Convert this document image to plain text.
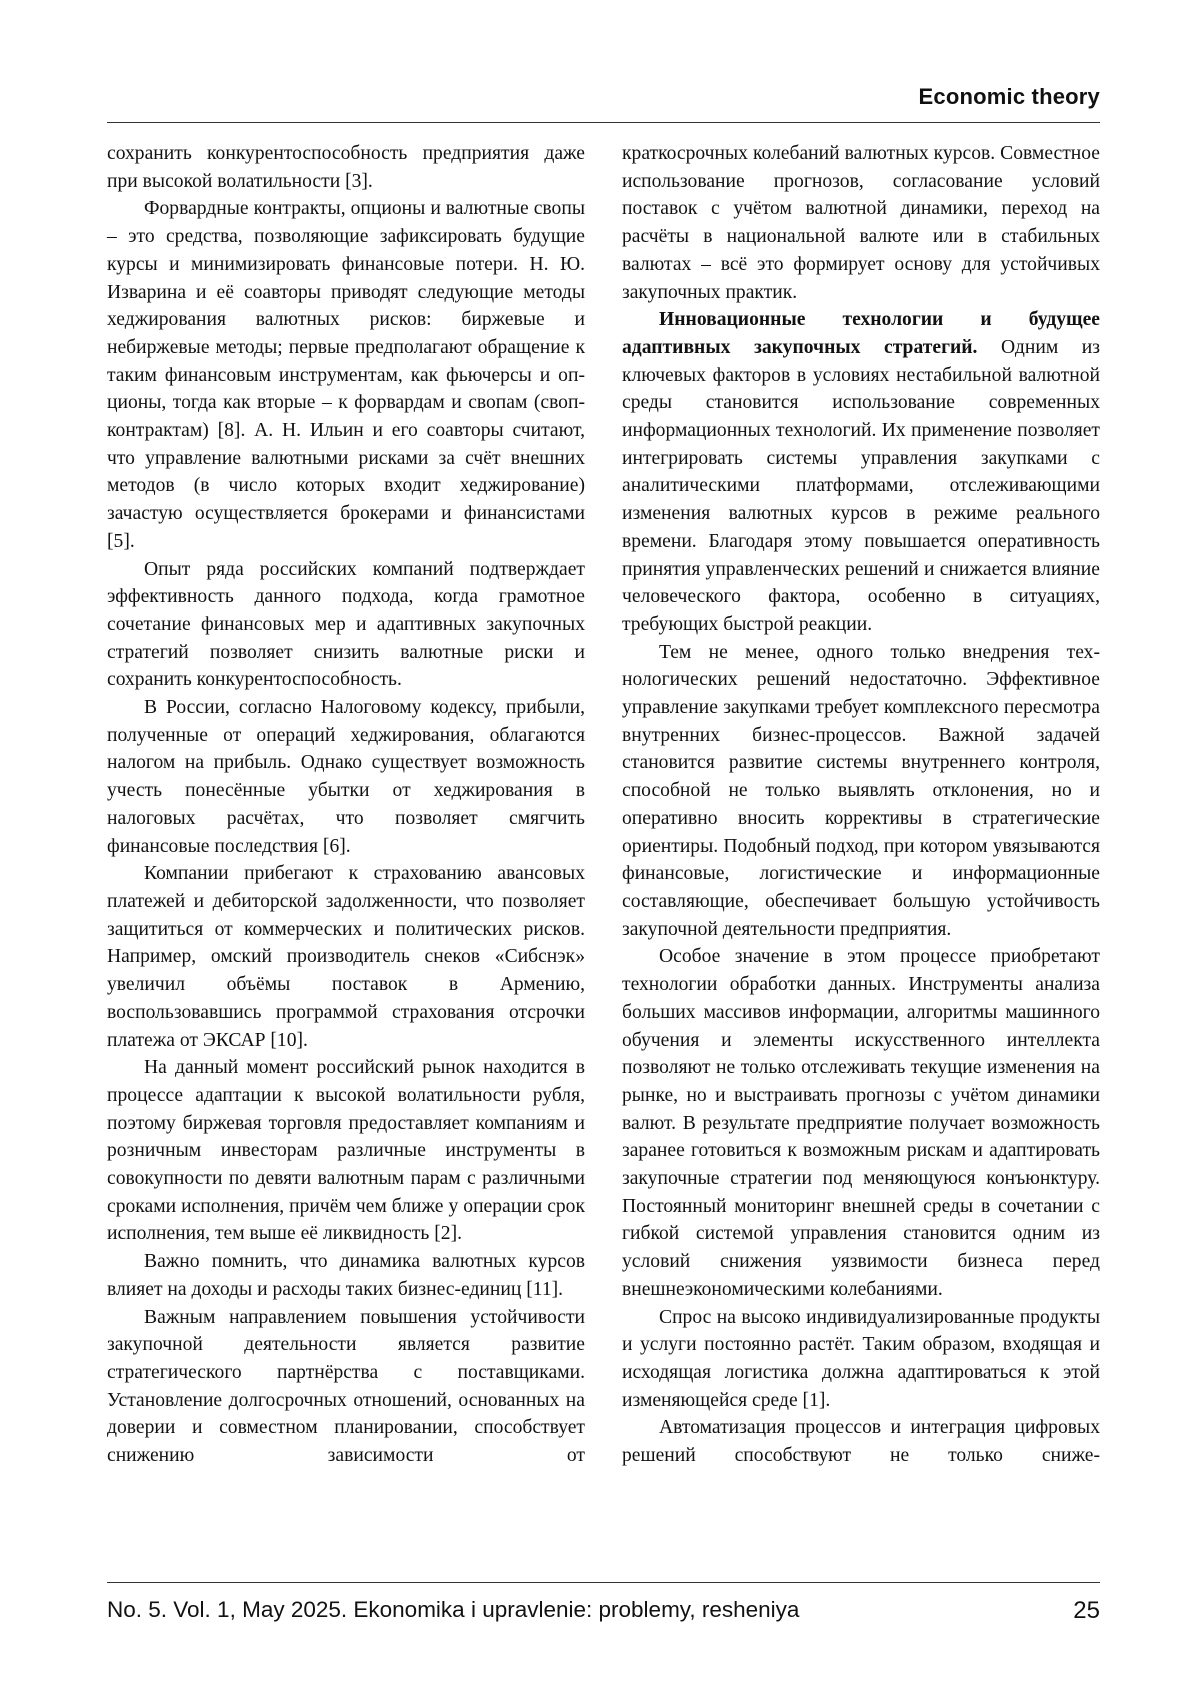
Economic theory

сохранить конкурентоспособность предприятия даже при высокой волатильности [3].

Форвардные контракты, опционы и валютные свопы – это средства, позволяющие зафиксировать будущие курсы и минимизировать финансовые потери. Н. Ю. Изварина и её соавторы приводят следующие методы хеджирования валютных рисков: биржевые и небиржевые методы; первые предполагают обращение к таким финансовым инструментам, как фьючерсы и опционы, тогда как вторые – к форвардам и свопам (своп-контрактам) [8]. А. Н. Ильин и его соавторы считают, что управление валютными рисками за счёт внешних методов (в число которых входит хеджирование) зачастую осуществляется брокерами и финансистами [5].

Опыт ряда российских компаний подтверждает эффективность данного подхода, когда грамотное сочетание финансовых мер и адаптивных закупочных стратегий позволяет снизить валютные риски и сохранить конкурентоспособность.

В России, согласно Налоговому кодексу, прибыли, полученные от операций хеджирования, облагаются налогом на прибыль. Однако существует возможность учесть понесённые убытки от хеджирования в налоговых расчётах, что позволяет смягчить финансовые последствия [6].

Компании прибегают к страхованию авансовых платежей и дебиторской задолженности, что позволяет защититься от коммерческих и политических рисков. Например, омский производитель снеков «Сибснэк» увеличил объёмы поставок в Армению, воспользовавшись программой страхования отсрочки платежа от ЭКСАР [10].

На данный момент российский рынок находится в процессе адаптации к высокой волатильности рубля, поэтому биржевая торговля предоставляет компаниям и розничным инвесторам различные инструменты в совокупности по девяти валютным парам с различными сроками исполнения, причём чем ближе у операции срок исполнения, тем выше её ликвидность [2].

Важно помнить, что динамика валютных курсов влияет на доходы и расходы таких бизнес-единиц [11].

Важным направлением повышения устойчивости закупочной деятельности является развитие стратегического партнёрства с поставщиками. Установление долгосрочных отношений, основанных на доверии и совместном планировании, способствует снижению зависимости от

краткосрочных колебаний валютных курсов. Совместное использование прогнозов, согласование условий поставок с учётом валютной динамики, переход на расчёты в национальной валюте или в стабильных валютах – всё это формирует основу для устойчивых закупочных практик.

Инновационные технологии и будущее адаптивных закупочных стратегий. Одним из ключевых факторов в условиях нестабильной валютной среды становится использование современных информационных технологий. Их применение позволяет интегрировать системы управления закупками с аналитическими платформами, отслеживающими изменения валютных курсов в режиме реального времени. Благодаря этому повышается оперативность принятия управленческих решений и снижается влияние человеческого фактора, особенно в ситуациях, требующих быстрой реакции.

Тем не менее, одного только внедрения технологических решений недостаточно. Эффективное управление закупками требует комплексного пересмотра внутренних бизнес-процессов. Важной задачей становится развитие системы внутреннего контроля, способной не только выявлять отклонения, но и оперативно вносить коррективы в стратегические ориентиры. Подобный подход, при котором увязываются финансовые, логистические и информационные составляющие, обеспечивает большую устойчивость закупочной деятельности предприятия.

Особое значение в этом процессе приобретают технологии обработки данных. Инструменты анализа больших массивов информации, алгоритмы машинного обучения и элементы искусственного интеллекта позволяют не только отслеживать текущие изменения на рынке, но и выстраивать прогнозы с учётом динамики валют. В результате предприятие получает возможность заранее готовиться к возможным рискам и адаптировать закупочные стратегии под меняющуюся конъюнктуру. Постоянный мониторинг внешней среды в сочетании с гибкой системой управления становится одним из условий снижения уязвимости бизнеса перед внешнеэкономическими колебаниями.

Спрос на высоко индивидуализированные продукты и услуги постоянно растёт. Таким образом, входящая и исходящая логистика должна адаптироваться к этой изменяющейся среде [1].

Автоматизация процессов и интеграция цифровых решений способствуют не только сниже-

No. 5. Vol. 1, May 2025. Ekonomika i upravlenie: problemy, resheniya	25
